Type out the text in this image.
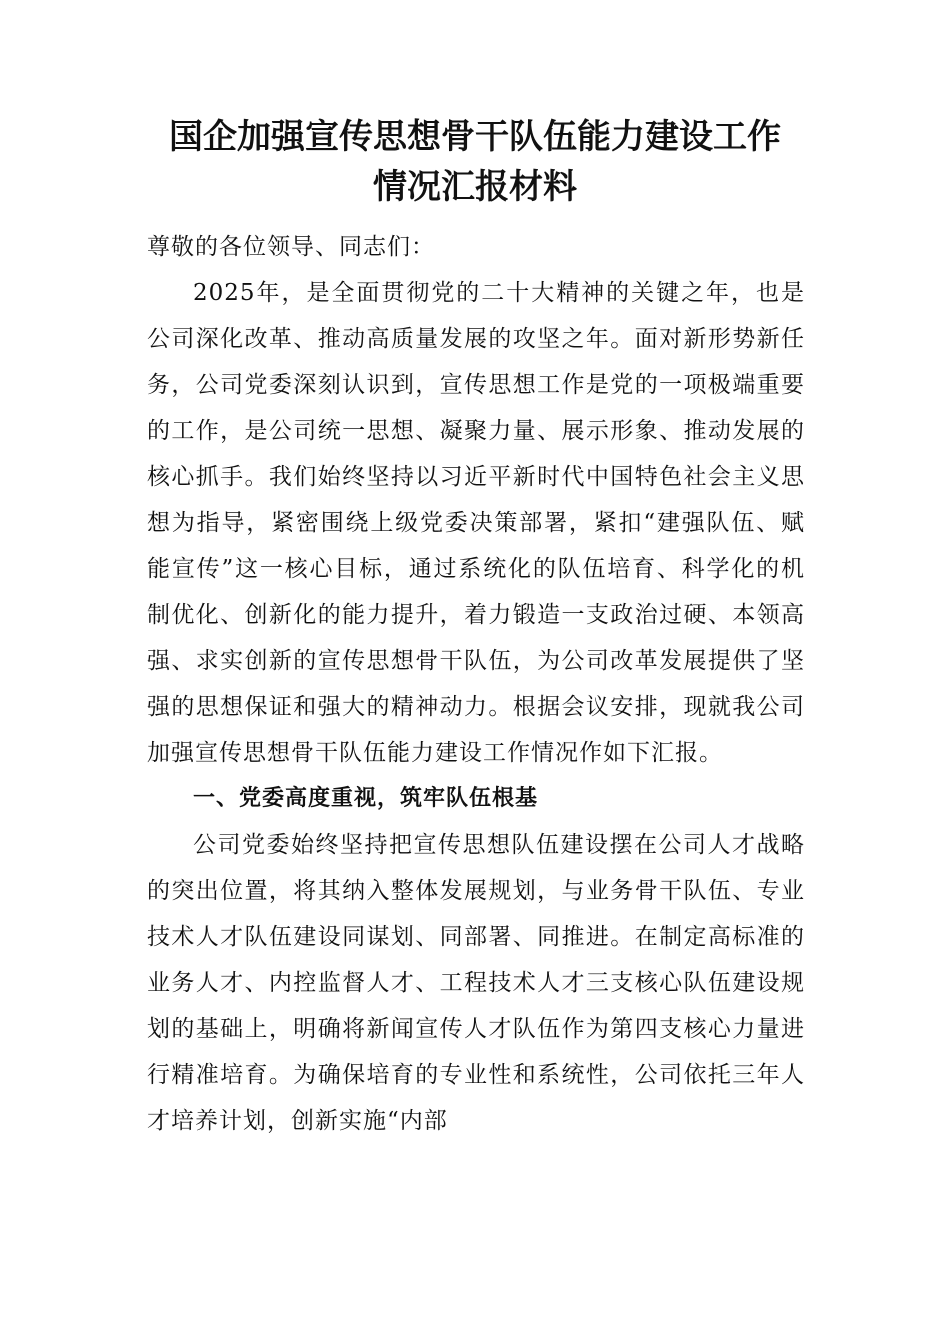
国企加强宣传思想骨干队伍能力建设工作
情况汇报材料

尊敬的各位领导、同志们：

2025年，是全面贯彻党的二十大精神的关键之年，也是公司深化改革、推动高质量发展的攻坚之年。面对新形势新任务，公司党委深刻认识到，宣传思想工作是党的一项极端重要的工作，是公司统一思想、凝聚力量、展示形象、推动发展的核心抓手。我们始终坚持以习近平新时代中国特色社会主义思想为指导，紧密围绕上级党委决策部署，紧扣“建强队伍、赋能宣传”这一核心目标，通过系统化的队伍培育、科学化的机制优化、创新化的能力提升，着力锻造一支政治过硬、本领高强、求实创新的宣传思想骨干队伍，为公司改革发展提供了坚强的思想保证和强大的精神动力。根据会议安排，现就我公司加强宣传思想骨干队伍能力建设工作情况作如下汇报。

一、党委高度重视，筑牢队伍根基

公司党委始终坚持把宣传思想队伍建设摆在公司人才战略的突出位置，将其纳入整体发展规划，与业务骨干队伍、专业技术人才队伍建设同谋划、同部署、同推进。在制定高标准的业务人才、内控监督人才、工程技术人才三支核心队伍建设规划的基础上，明确将新闻宣传人才队伍作为第四支核心力量进行精准培育。为确保培育的专业性和系统性，公司依托三年人才培养计划，创新实施“内部
